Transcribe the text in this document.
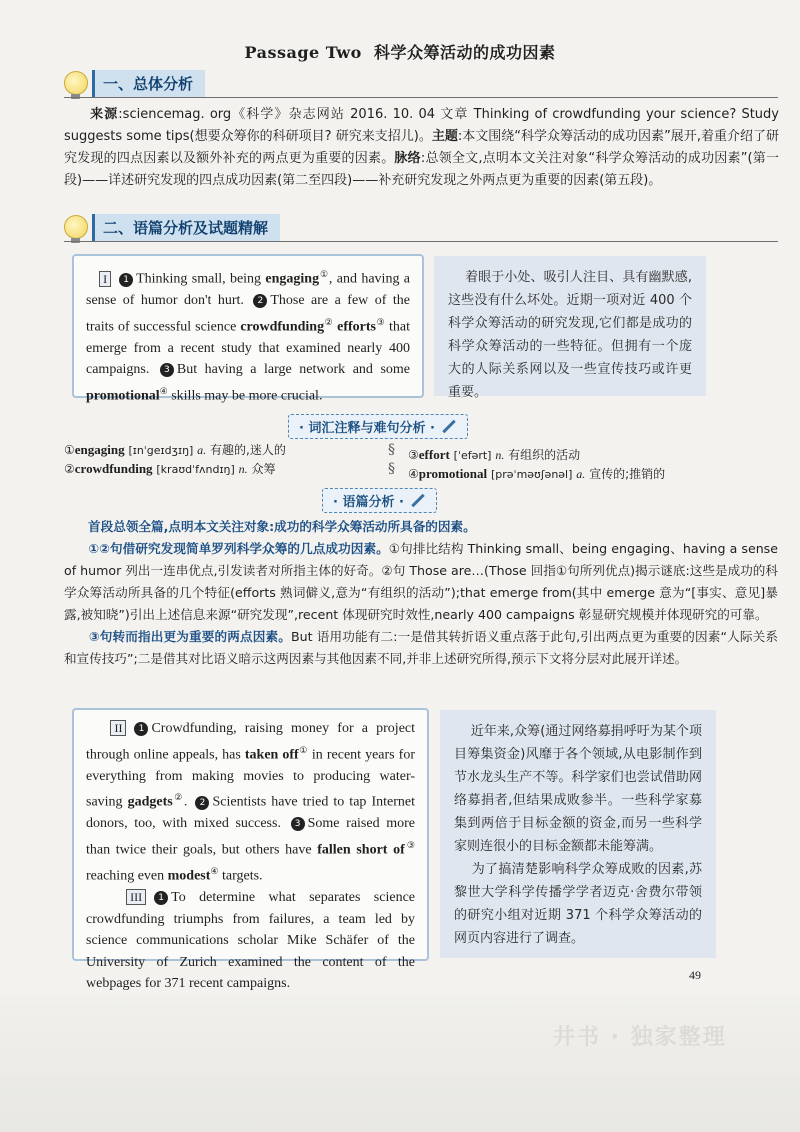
Passage Two 科学众筹活动的成功因素
一、总体分析
来源:sciencemag. org《科学》杂志网站 2016. 10. 04 文章 Thinking of crowdfunding your science? Study suggests some tips(想要众筹你的科研项目? 研究来支招儿)。主题:本文围绕“科学众筹活动的成功因素”展开,着重介绍了研究发现的四点因素以及额外补充的两点更为重要的因素。脉络:总领全文,点明本文关注对象“科学众筹活动的成功因素”(第一段)——详述研究发现的四点成功因素(第二至四段)——补充研究发现之外两点更为重要的因素(第五段)。
二、语篇分析及试题精解
I 1 Thinking small, being engaging①, and having a sense of humor don't hurt. 2 Those are a few of the traits of successful science crowdfunding② efforts③ that emerge from a recent study that examined nearly 400 campaigns. 3 But having a large network and some promotional④ skills may be more crucial.
着眼于小处、吸引人注目、具有幽默感,这些没有什么坏处。近期一项对近 400 个科学众筹活动的研究发现,它们都是成功的科学众筹活动的一些特征。但拥有一个庞大的人际关系网以及一些宣传技巧或许更重要。
· 词汇注释与难句分析 ·
①engaging [ɪnˈgeɪdʒɪŋ] a. 有趣的,迷人的
②crowdfunding [kraʊdˈfʌndɪŋ] n. 众筹
§
§
③effort [ˈefərt] n. 有组织的活动
④promotional [prəˈməʊʃənəl] a. 宣传的;推销的
· 语篇分析 ·
首段总领全篇,点明本文关注对象:成功的科学众筹活动所具备的因素。
①②句借研究发现简单罗列科学众筹的几点成功因素。①句排比结构 Thinking small、being engaging、having a sense of humor 列出一连串优点,引发读者对所指主体的好奇。②句 Those are…(Those 回指①句所列优点)揭示谜底:这些是成功的科学众筹活动所具备的几个特征(efforts 熟词僻义,意为“有组织的活动”);that emerge from(其中 emerge 意为“[事实、意见]暴露,被知晓”)引出上述信息来源“研究发现”,recent 体现研究时效性,nearly 400 campaigns 彰显研究规模并体现研究的可靠。
③句转而指出更为重要的两点因素。But 语用功能有二:一是借其转折语义重点落于此句,引出两点更为重要的因素“人际关系和宣传技巧”;二是借其对比语义暗示这两因素与其他因素不同,并非上述研究所得,预示下文将分层对此展开详述。
II 1 Crowdfunding, raising money for a project through online appeals, has taken off① in recent years for everything from making movies to producing water-saving gadgets②. 2 Scientists have tried to tap Internet donors, too, with mixed success. 3 Some raised more than twice their goals, but others have fallen short of③ reaching even modest④ targets.
III 1 To determine what separates science crowdfunding triumphs from failures, a team led by science communications scholar Mike Schäfer of the University of Zurich examined the content of the webpages for 371 recent campaigns.
近年来,众筹(通过网络募捐呼吁为某个项目筹集资金)风靡于各个领域,从电影制作到节水龙头生产不等。科学家们也尝试借助网络募捐者,但结果成败参半。一些科学家募集到两倍于目标金额的资金,而另一些科学家则连很小的目标金额都未能筹满。
为了搞清楚影响科学众筹成败的因素,苏黎世大学科学传播学学者迈克·舍费尔带领的研究小组对近期 371 个科学众筹活动的网页内容进行了调查。
49
井书 · 独家整理
